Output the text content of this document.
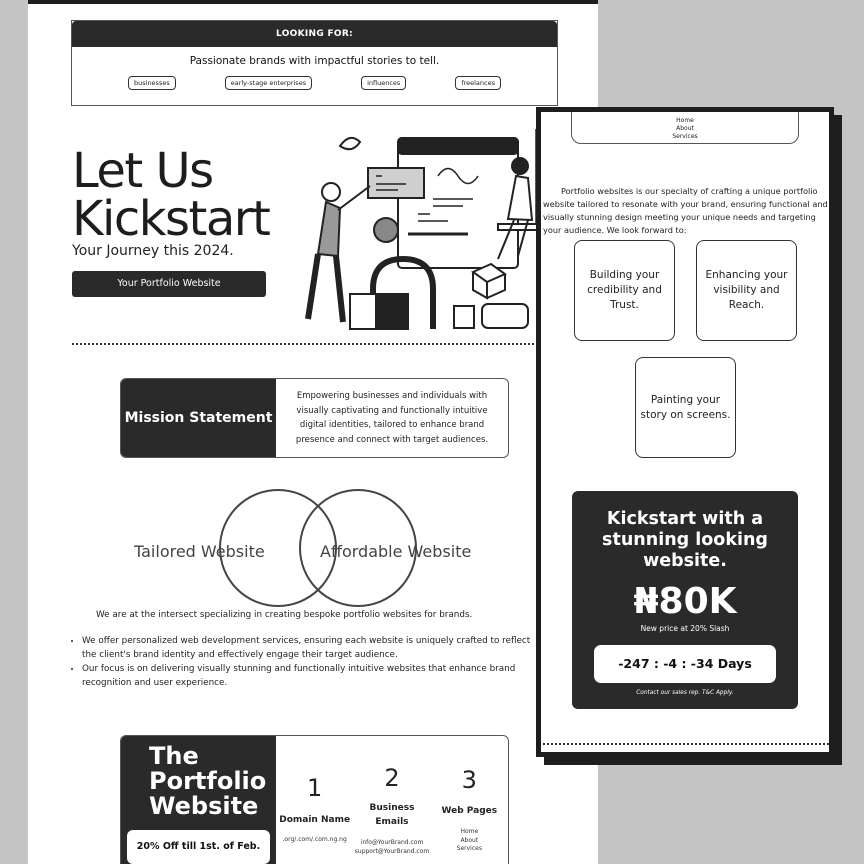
LOOKING FOR:
Passionate brands with impactful stories to tell.
businesses	early-stage enterprises	influences	freelances
Let Us
Kickstart
Your Journey this 2024.
Your Portfolio Website
Mission Statement
Empowering businesses and individuals with visually captivating and functionally intuitive digital identities, tailored to enhance brand presence and connect with target audiences.
Tailored Website	Affordable Website
We are at the intersect specializing in creating bespoke portfolio websites for brands.
• We offer personalized web development services, ensuring each website is uniquely crafted to reflect the client's brand identity and effectively engage their target audience.
• Our focus is on delivering visually stunning and functionally intuitive websites that enhance brand recognition and user experience.
The
Portfolio
Website
20% Off till 1st. of Feb.
1
Domain Name
.org/.com/.com.ng.ng
2
Business Emails
info@YourBrand.com
support@YourBrand.com
3
Web Pages
Home
About
Services
Home
About
Services
Portfolio websites is our specialty of crafting a unique portfolio website tailored to resonate with your brand, ensuring functional and visually stunning design meeting your unique needs and targeting your audience. We look forward to:
Building your credibility and Trust.
Enhancing your visibility and Reach.
Painting your story on screens.
Kickstart with a stunning looking website.
₦80K
New price at 20% Slash
-247 : -4 : -34 Days
Contact our sales rep. T&C Apply.
